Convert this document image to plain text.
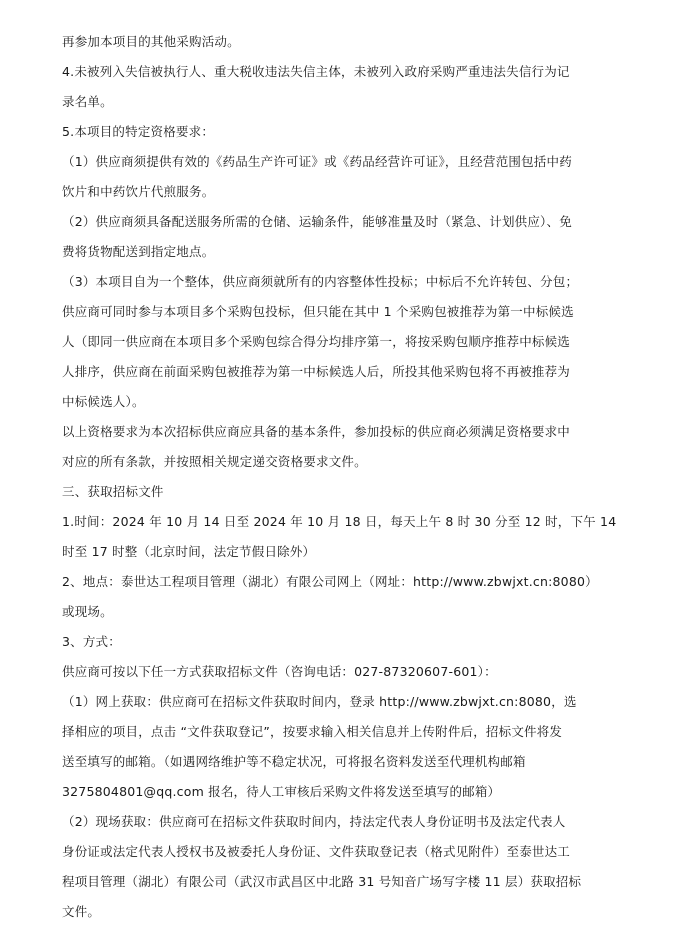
再参加本项目的其他采购活动。

4.未被列入失信被执行人、重大税收违法失信主体，未被列入政府采购严重违法失信行为记

录名单。

5.本项目的特定资格要求：

（1）供应商须提供有效的《药品生产许可证》或《药品经营许可证》，且经营范围包括中药

饮片和中药饮片代煎服务。

（2）供应商须具备配送服务所需的仓储、运输条件，能够准量及时（紧急、计划供应）、免

费将货物配送到指定地点。

（3）本项目自为一个整体，供应商须就所有的内容整体性投标；中标后不允许转包、分包；

供应商可同时参与本项目多个采购包投标，但只能在其中 1 个采购包被推荐为第一中标候选

人（即同一供应商在本项目多个采购包综合得分均排序第一，将按采购包顺序推荐中标候选

人排序，供应商在前面采购包被推荐为第一中标候选人后，所投其他采购包将不再被推荐为

中标候选人）。

以上资格要求为本次招标供应商应具备的基本条件，参加投标的供应商必须满足资格要求中

对应的所有条款，并按照相关规定递交资格要求文件。

三、获取招标文件

1.时间：2024 年 10 月 14 日至 2024 年 10 月 18 日，每天上午 8 时 30 分至 12 时，下午 14

时至 17 时整（北京时间，法定节假日除外）

2、地点：泰世达工程项目管理（湖北）有限公司网上（网址：http://www.zbwjxt.cn:8080）

或现场。

3、方式：

供应商可按以下任一方式获取招标文件（咨询电话：027-87320607-601）：

（1）网上获取：供应商可在招标文件获取时间内，登录 http://www.zbwjxt.cn:8080，选

择相应的项目，点击 “文件获取登记”，按要求输入相关信息并上传附件后，招标文件将发

送至填写的邮箱。（如遇网络维护等不稳定状况，可将报名资料发送至代理机构邮箱

3275804801@qq.com 报名，待人工审核后采购文件将发送至填写的邮箱）

（2）现场获取：供应商可在招标文件获取时间内，持法定代表人身份证明书及法定代表人

身份证或法定代表人授权书及被委托人身份证、文件获取登记表（格式见附件）至泰世达工

程项目管理（湖北）有限公司（武汉市武昌区中北路 31 号知音广场写字楼 11 层）获取招标

文件。
